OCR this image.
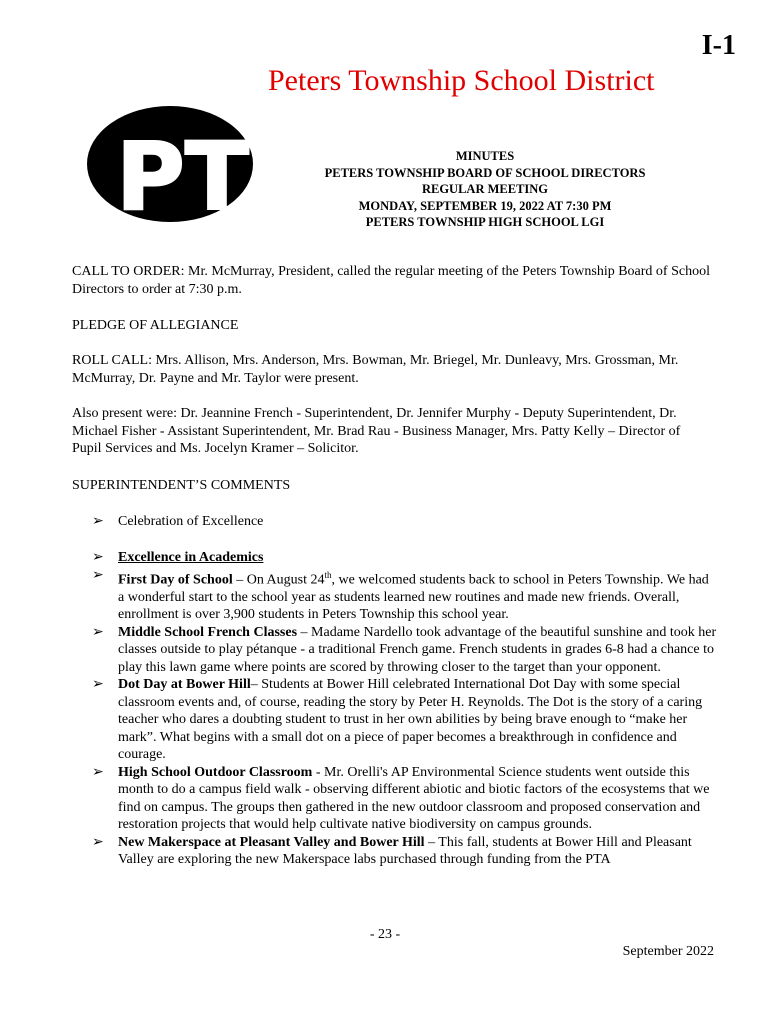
I-1
Peters Township School District
PT	MINUTES
PETERS TOWNSHIP BOARD OF SCHOOL DIRECTORS
REGULAR MEETING
MONDAY, SEPTEMBER 19, 2022 AT 7:30 PM
PETERS TOWNSHIP HIGH SCHOOL LGI
CALL TO ORDER: Mr. McMurray, President, called the regular meeting of the Peters Township Board of School Directors to order at 7:30 p.m.
PLEDGE OF ALLEGIANCE
ROLL CALL: Mrs. Allison, Mrs. Anderson, Mrs. Bowman, Mr. Briegel, Mr. Dunleavy, Mrs. Grossman, Mr. McMurray, Dr. Payne and Mr. Taylor were present.
Also present were: Dr. Jeannine French - Superintendent, Dr. Jennifer Murphy - Deputy Superintendent, Dr. Michael Fisher - Assistant Superintendent, Mr. Brad Rau - Business Manager, Mrs. Patty Kelly – Director of Pupil Services and Ms. Jocelyn Kramer – Solicitor.
SUPERINTENDENT’S COMMENTS
➢ Celebration of Excellence
➢ Excellence in Academics
➢ First Day of School – On August 24th, we welcomed students back to school in Peters Township. We had a wonderful start to the school year as students learned new routines and made new friends. Overall, enrollment is over 3,900 students in Peters Township this school year.
➢ Middle School French Classes – Madame Nardello took advantage of the beautiful sunshine and took her classes outside to play pétanque - a traditional French game. French students in grades 6-8 had a chance to play this lawn game where points are scored by throwing closer to the target than your opponent.
➢ Dot Day at Bower Hill– Students at Bower Hill celebrated International Dot Day with some special classroom events and, of course, reading the story by Peter H. Reynolds. The Dot is the story of a caring teacher who dares a doubting student to trust in her own abilities by being brave enough to “make her mark”. What begins with a small dot on a piece of paper becomes a breakthrough in confidence and courage.
➢ High School Outdoor Classroom - Mr. Orelli's AP Environmental Science students went outside this month to do a campus field walk - observing different abiotic and biotic factors of the ecosystems that we find on campus. The groups then gathered in the new outdoor classroom and proposed conservation and restoration projects that would help cultivate native biodiversity on campus grounds.
➢ New Makerspace at Pleasant Valley and Bower Hill – This fall, students at Bower Hill and Pleasant Valley are exploring the new Makerspace labs purchased through funding from the PTA
- 23 -
September 2022
